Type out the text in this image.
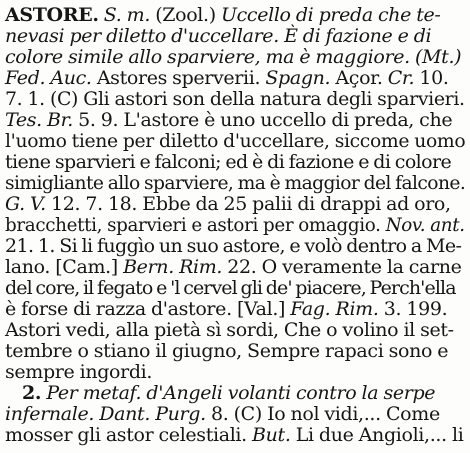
ASTORE. S. m. (Zool.) Uccello di preda che te-
nevasi per diletto d'uccellare. È di fazione e di
colore simile allo sparviere, ma è maggiore. (Mt.)
Fed. Auc. Astores sperverii. Spagn. Açor. Cr. 10.
7. 1. (C) Gli astori son della natura degli sparvieri.
Tes. Br. 5. 9. L'astore è uno uccello di preda, che
l'uomo tiene per diletto d'uccellare, siccome uomo
tiene sparvieri e falconi; ed è di fazione e di colore
simigliante allo sparviere, ma è maggior del falcone.
G. V. 12. 7. 18. Ebbe da 25 palii di drappi ad oro,
bracchetti, sparvieri e astori per omaggio. Nov. ant.
21. 1. Si li fuggìo un suo astore, e volò dentro a Me-
lano. [Cam.] Bern. Rim. 22. O veramente la carne
del core, il fegato e 'l cervel gli de' piacere, Perch'ella
è forse di razza d'astore. [Val.] Fag. Rim. 3. 199.
Astori vedi, alla pietà sì sordi, Che o volino il set-
tembre o stiano il giugno, Sempre rapaci sono e
sempre ingordi.
2. Per metaf. d'Angeli volanti contro la serpe
infernale. Dant. Purg. 8. (C) Io nol vidi,... Come
mosser gli astor celestiali. But. Li due Angioli,... li
